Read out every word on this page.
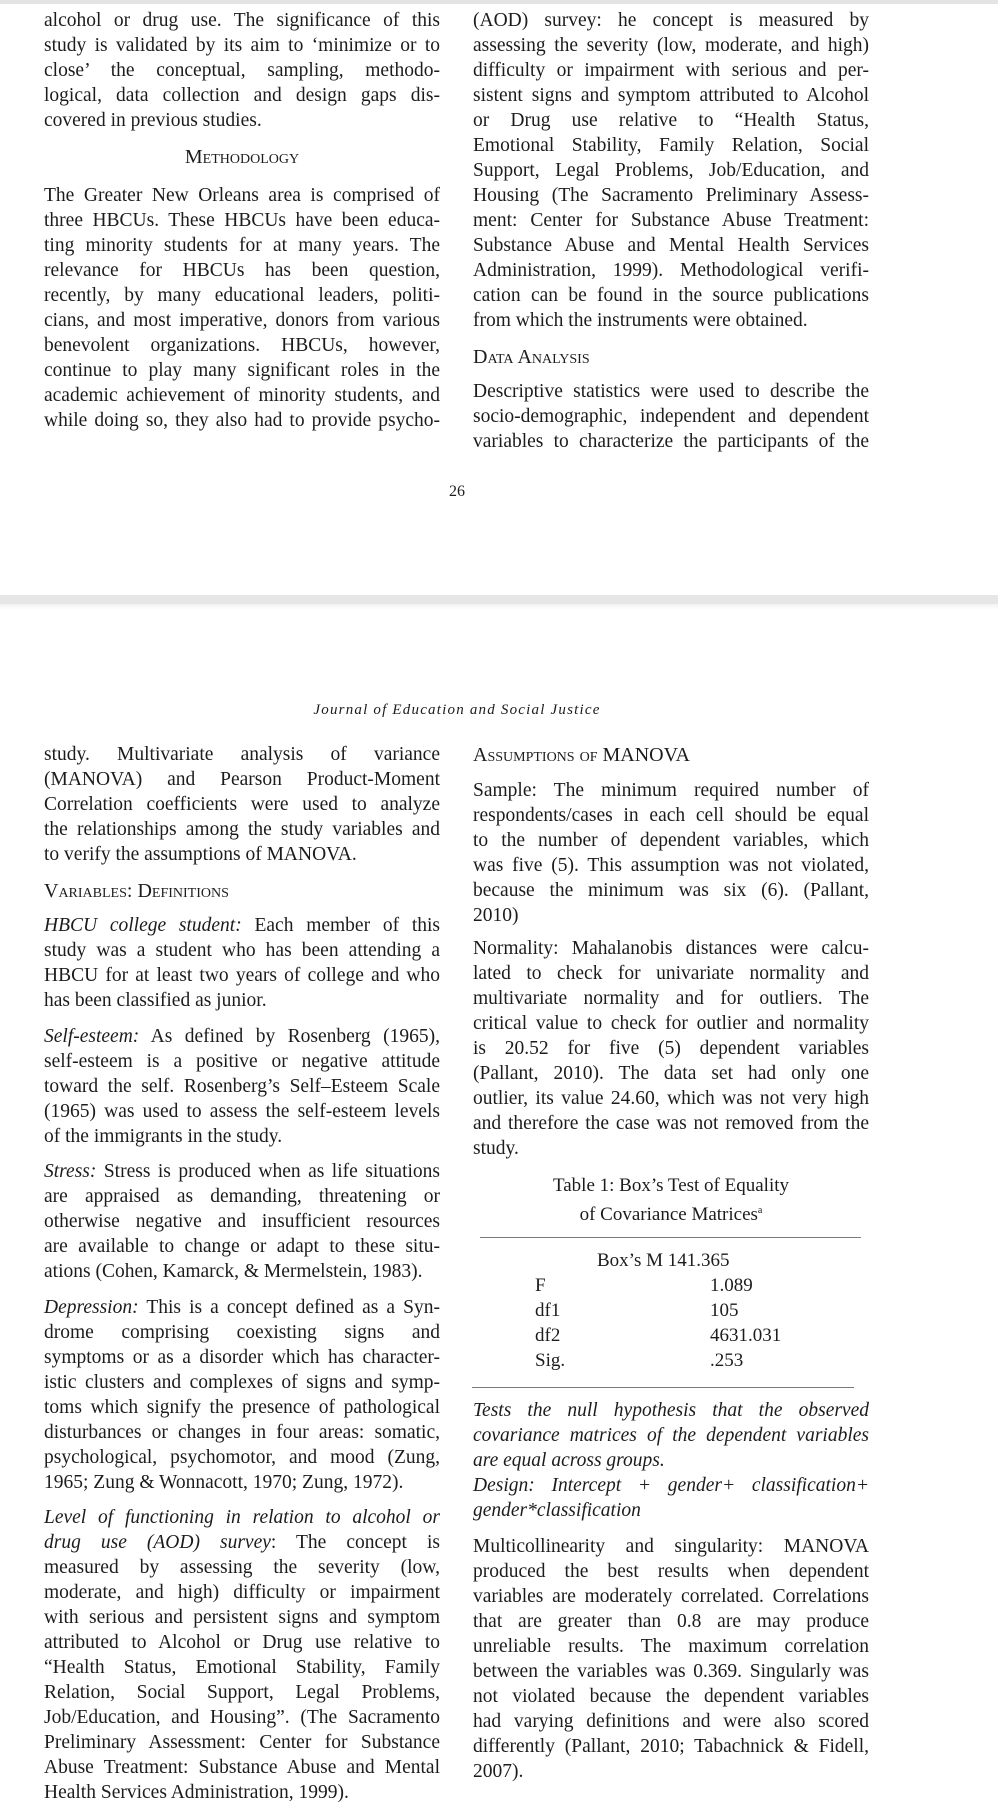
alcohol or drug use. The significance of this
study is validated by its aim to ‘minimize or to
close’ the conceptual, sampling, methodo-
logical, data collection and design gaps dis-
covered in previous studies.
Methodology
The Greater New Orleans area is comprised of
three HBCUs. These HBCUs have been educa-
ting minority students for at many years. The
relevance for HBCUs has been question,
recently, by many educational leaders, politi-
cians, and most imperative, donors from various
benevolent organizations. HBCUs, however,
continue to play many significant roles in the
academic achievement of minority students, and
while doing so, they also had to provide psycho-
(AOD) survey: he concept is measured by
assessing the severity (low, moderate, and high)
difficulty or impairment with serious and per-
sistent signs and symptom attributed to Alcohol
or Drug use relative to “Health Status,
Emotional Stability, Family Relation, Social
Support, Legal Problems, Job/Education, and
Housing (The Sacramento Preliminary Assess-
ment: Center for Substance Abuse Treatment:
Substance Abuse and Mental Health Services
Administration, 1999). Methodological verifi-
cation can be found in the source publications
from which the instruments were obtained.
Data Analysis
Descriptive statistics were used to describe the
socio-demographic, independent and dependent
variables to characterize the participants of the
26
Journal of Education and Social Justice
study. Multivariate analysis of variance
(MANOVA) and Pearson Product-Moment
Correlation coefficients were used to analyze
the relationships among the study variables and
to verify the assumptions of MANOVA.
Variables: Definitions
HBCU college student: Each member of this
study was a student who has been attending a
HBCU for at least two years of college and who
has been classified as junior.
Self-esteem: As defined by Rosenberg (1965),
self-esteem is a positive or negative attitude
toward the self. Rosenberg’s Self–Esteem Scale
(1965) was used to assess the self-esteem levels
of the immigrants in the study.
Stress: Stress is produced when as life situations
are appraised as demanding, threatening or
otherwise negative and insufficient resources
are available to change or adapt to these situ-
ations (Cohen, Kamarck, & Mermelstein, 1983).
Depression: This is a concept defined as a Syn-
drome comprising coexisting signs and
symptoms or as a disorder which has character-
istic clusters and complexes of signs and symp-
toms which signify the presence of pathological
disturbances or changes in four areas: somatic,
psychological, psychomotor, and mood (Zung,
1965; Zung & Wonnacott, 1970; Zung, 1972).
Level of functioning in relation to alcohol or
drug use (AOD) survey: The concept is
measured by assessing the severity (low,
moderate, and high) difficulty or impairment
with serious and persistent signs and symptom
attributed to Alcohol or Drug use relative to
“Health Status, Emotional Stability, Family
Relation, Social Support, Legal Problems,
Job/Education, and Housing”. (The Sacramento
Preliminary Assessment: Center for Substance
Abuse Treatment: Substance Abuse and Mental
Health Services Administration, 1999).
Assumptions of MANOVA
Sample: The minimum required number of
respondents/cases in each cell should be equal
to the number of dependent variables, which
was five (5). This assumption was not violated,
because the minimum was six (6). (Pallant,
2010)
Normality: Mahalanobis distances were calcu-
lated to check for univariate normality and
multivariate normality and for outliers. The
critical value to check for outlier and normality
is 20.52 for five (5) dependent variables
(Pallant, 2010). The data set had only one
outlier, its value 24.60, which was not very high
and therefore the case was not removed from the
study.
Table 1: Box’s Test of Equality
of Covariance Matrices$^a$
Box’s M 141.365
F	1.089
df1	105
df2	4631.031
Sig.	.253
Tests the null hypothesis that the observed
covariance matrices of the dependent variables
are equal across groups.
Design: Intercept + gender+ classification+
gender*classification
Multicollinearity and singularity: MANOVA
produced the best results when dependent
variables are moderately correlated. Correlations
that are greater than 0.8 are may produce
unreliable results. The maximum correlation
between the variables was 0.369. Singularly was
not violated because the dependent variables
had varying definitions and were also scored
differently (Pallant, 2010; Tabachnick & Fidell,
2007).
